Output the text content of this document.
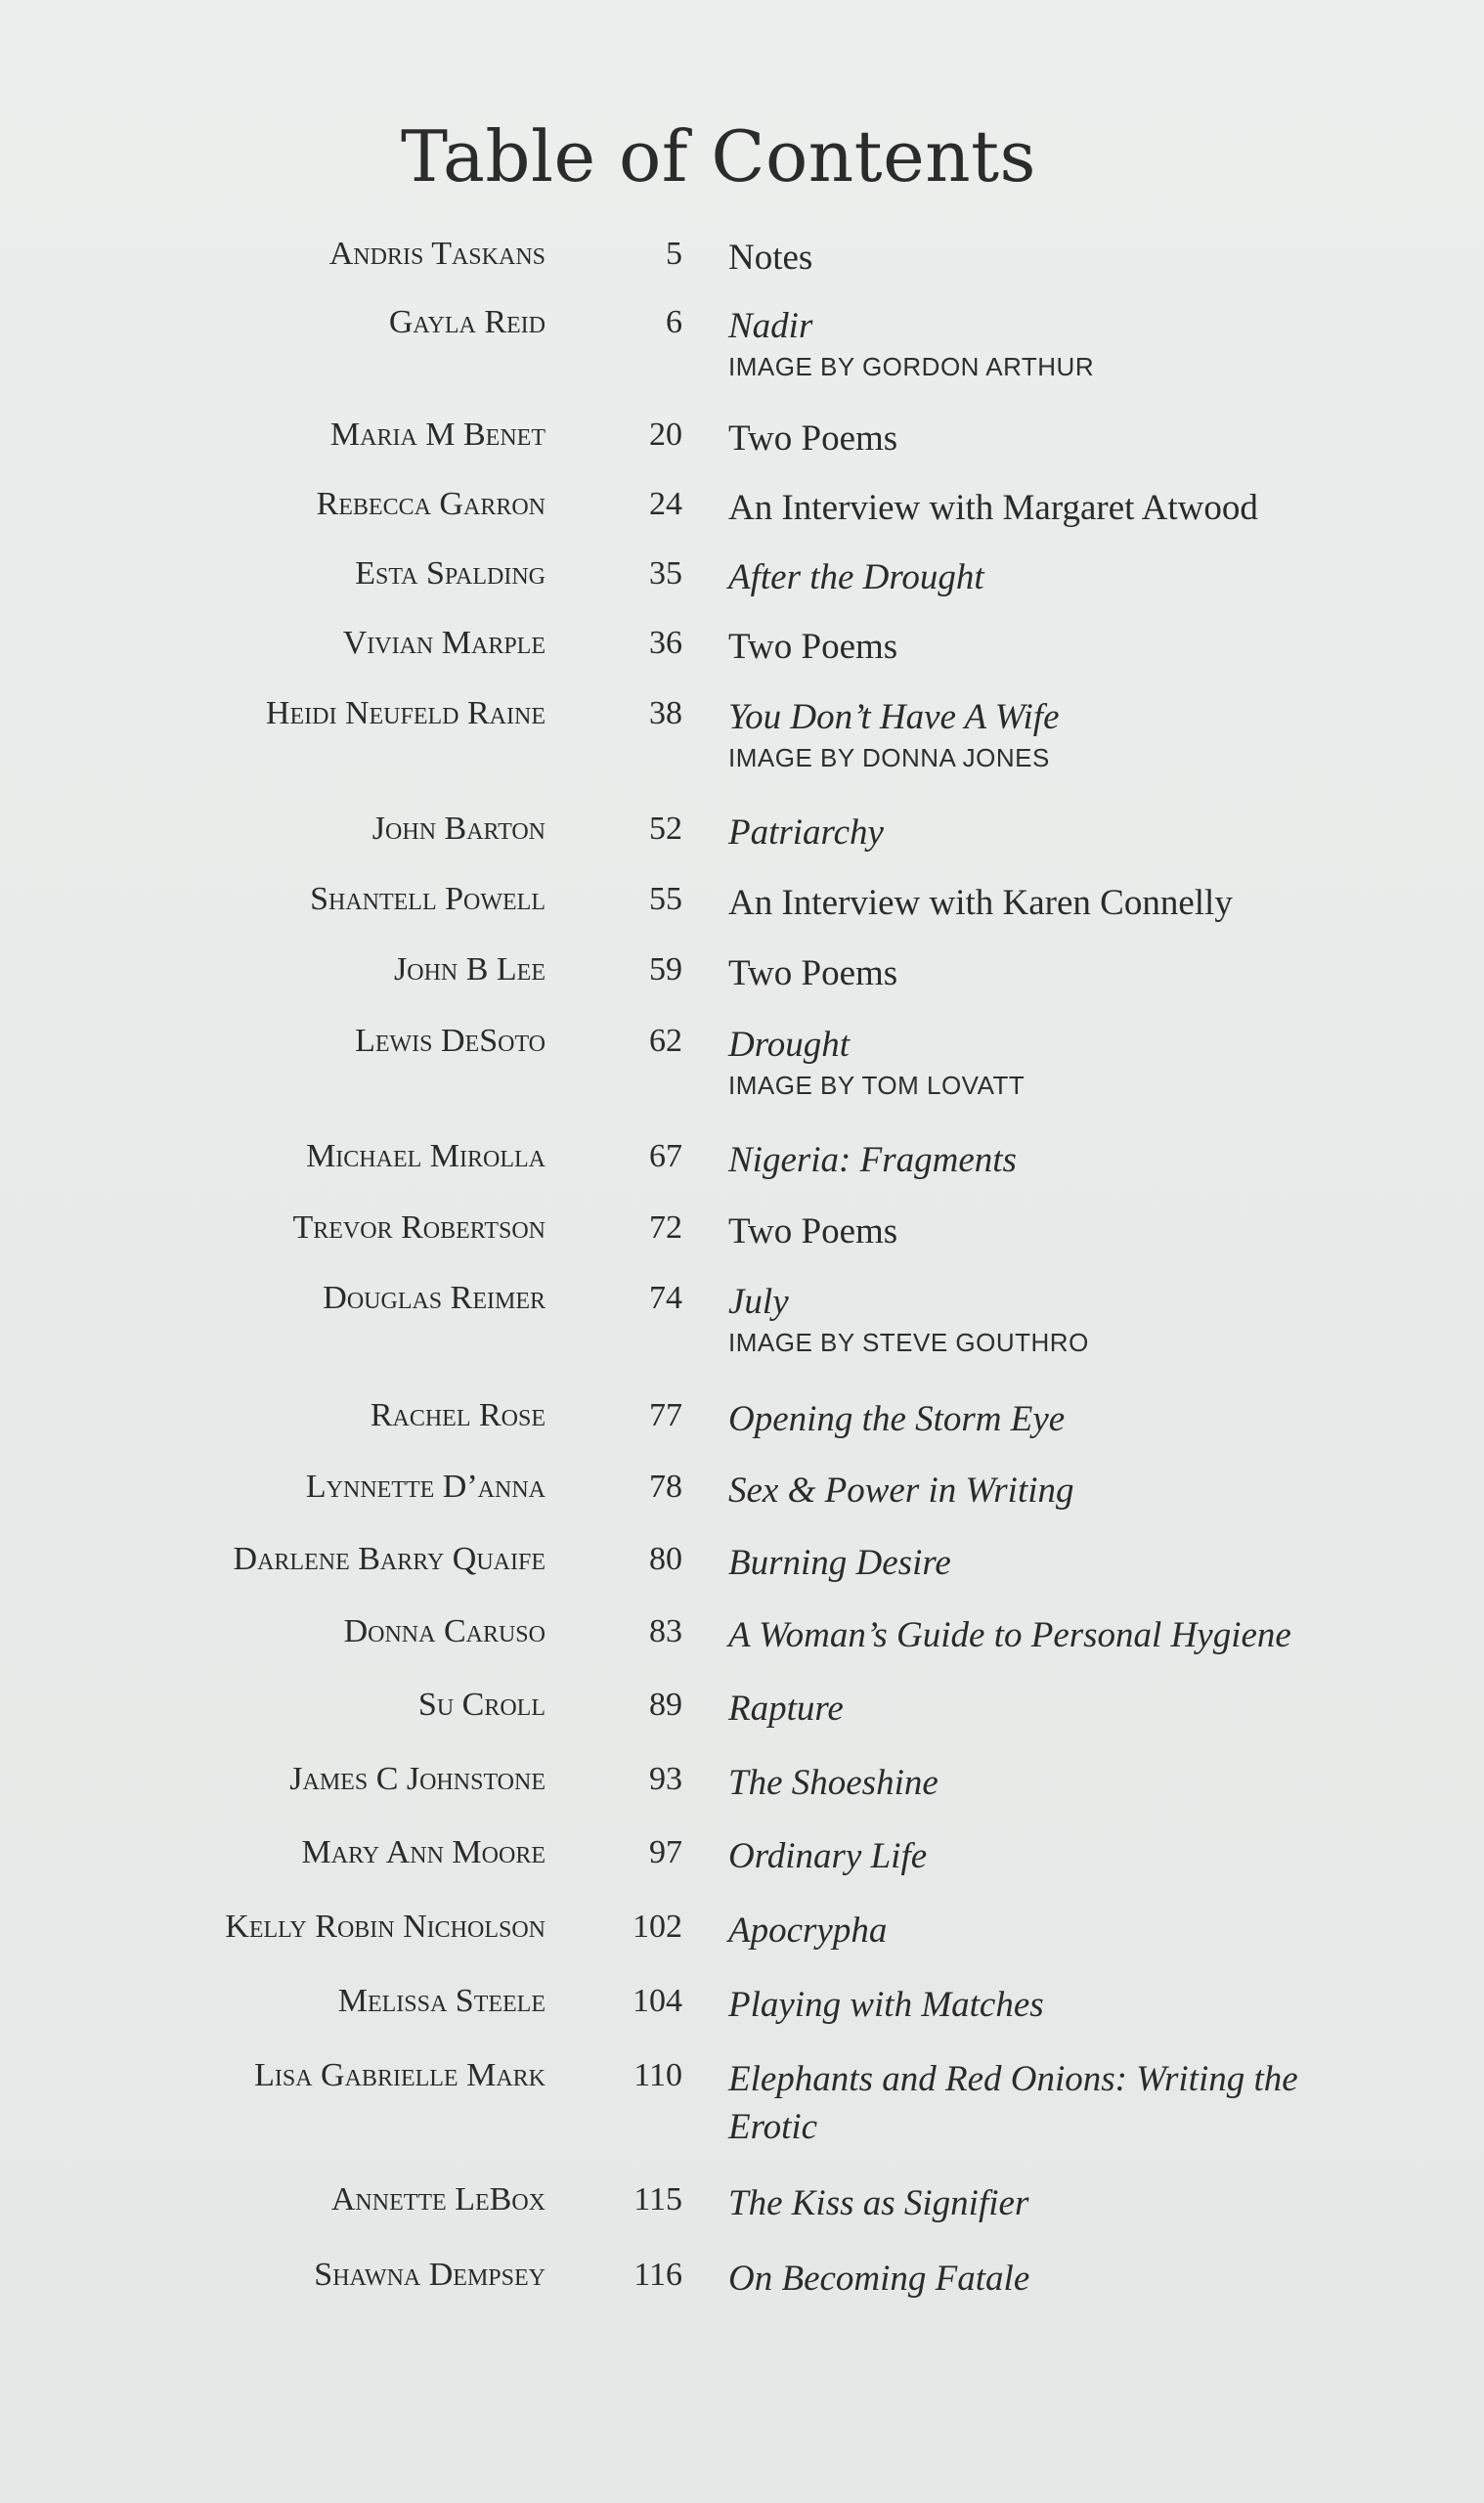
Table of Contents
Andris Taskans	5 Notes
Gayla Reid	6 Nadir
IMAGE BY GORDON ARTHUR
Maria M Benet	20 Two Poems
Rebecca Garron	24 An Interview with Margaret Atwood
Esta Spalding	35 After the Drought
Vivian Marple	36 Two Poems
Heidi Neufeld Raine	38 You Don’t Have A Wife
IMAGE BY DONNA JONES
John Barton	52 Patriarchy
Shantell Powell	55 An Interview with Karen Connelly
John B Lee	59 Two Poems
Lewis DeSoto	62 Drought
IMAGE BY TOM LOVATT
Michael Mirolla	67 Nigeria: Fragments
Trevor Robertson	72 Two Poems
Douglas Reimer	74 July
IMAGE BY STEVE GOUTHRO
Rachel Rose	77 Opening the Storm Eye
Lynnette D’anna	78 Sex & Power in Writing
Darlene Barry Quaife	80 Burning Desire
Donna Caruso	83 A Woman’s Guide to Personal Hygiene
Su Croll	89 Rapture
James C Johnstone	93 The Shoeshine
Mary Ann Moore	97 Ordinary Life
Kelly Robin Nicholson	102 Apocrypha
Melissa Steele	104 Playing with Matches
Lisa Gabrielle Mark	110 Elephants and Red Onions: Writing the Erotic
Annette LeBox	115 The Kiss as Signifier
Shawna Dempsey	116 On Becoming Fatale
